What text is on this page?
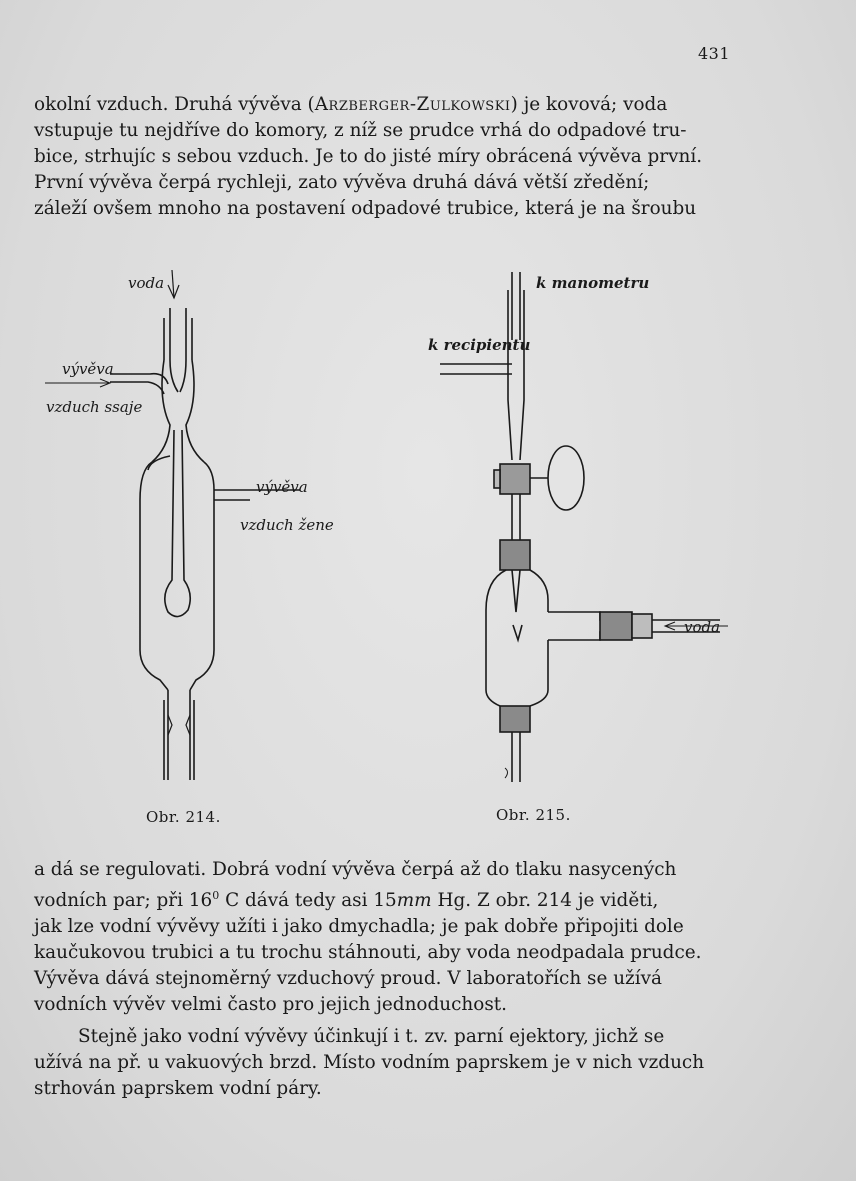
431
okolní vzduch. Druhá vývěva (Arzberger-Zulkowski) je kovová; voda
vstupuje tu nejdříve do komory, z níž se prudce vrhá do odpadové tru-
bice, strhujíc s sebou vzduch. Je to do jisté míry obrácená vývěva první.
První vývěva čerpá rychleji, zato vývěva druhá dává větší zředění;
záleží ovšem mnoho na postavení odpadové trubice, která je na šroubu
voda
vývěva
vzduch ssaje
vývěva
vzduch žene
k manometru
k recipientu
voda
Obr. 214.	Obr. 215.
a dá se regulovati. Dobrá vodní vývěva čerpá až do tlaku nasycených
vodních par; při $16^0$ C dává tedy asi 15mm Hg. Z obr. 214 je viděti,
jak lze vodní vývěvy užíti i jako dmychadla; je pak dobře připojiti dole
kaučukovou trubici a tu trochu stáhnouti, aby voda neodpadala prudce.
Vývěva dává stejnoměrný vzduchový proud. V laboratořích se užívá
vodních vývěv velmi často pro jejich jednoduchost.
Stejně jako vodní vývěvy účinkují i t. zv. parní ejektory, jichž se
užívá na př. u vakuových brzd. Místo vodním paprskem je v nich vzduch
strhován paprskem vodní páry.
